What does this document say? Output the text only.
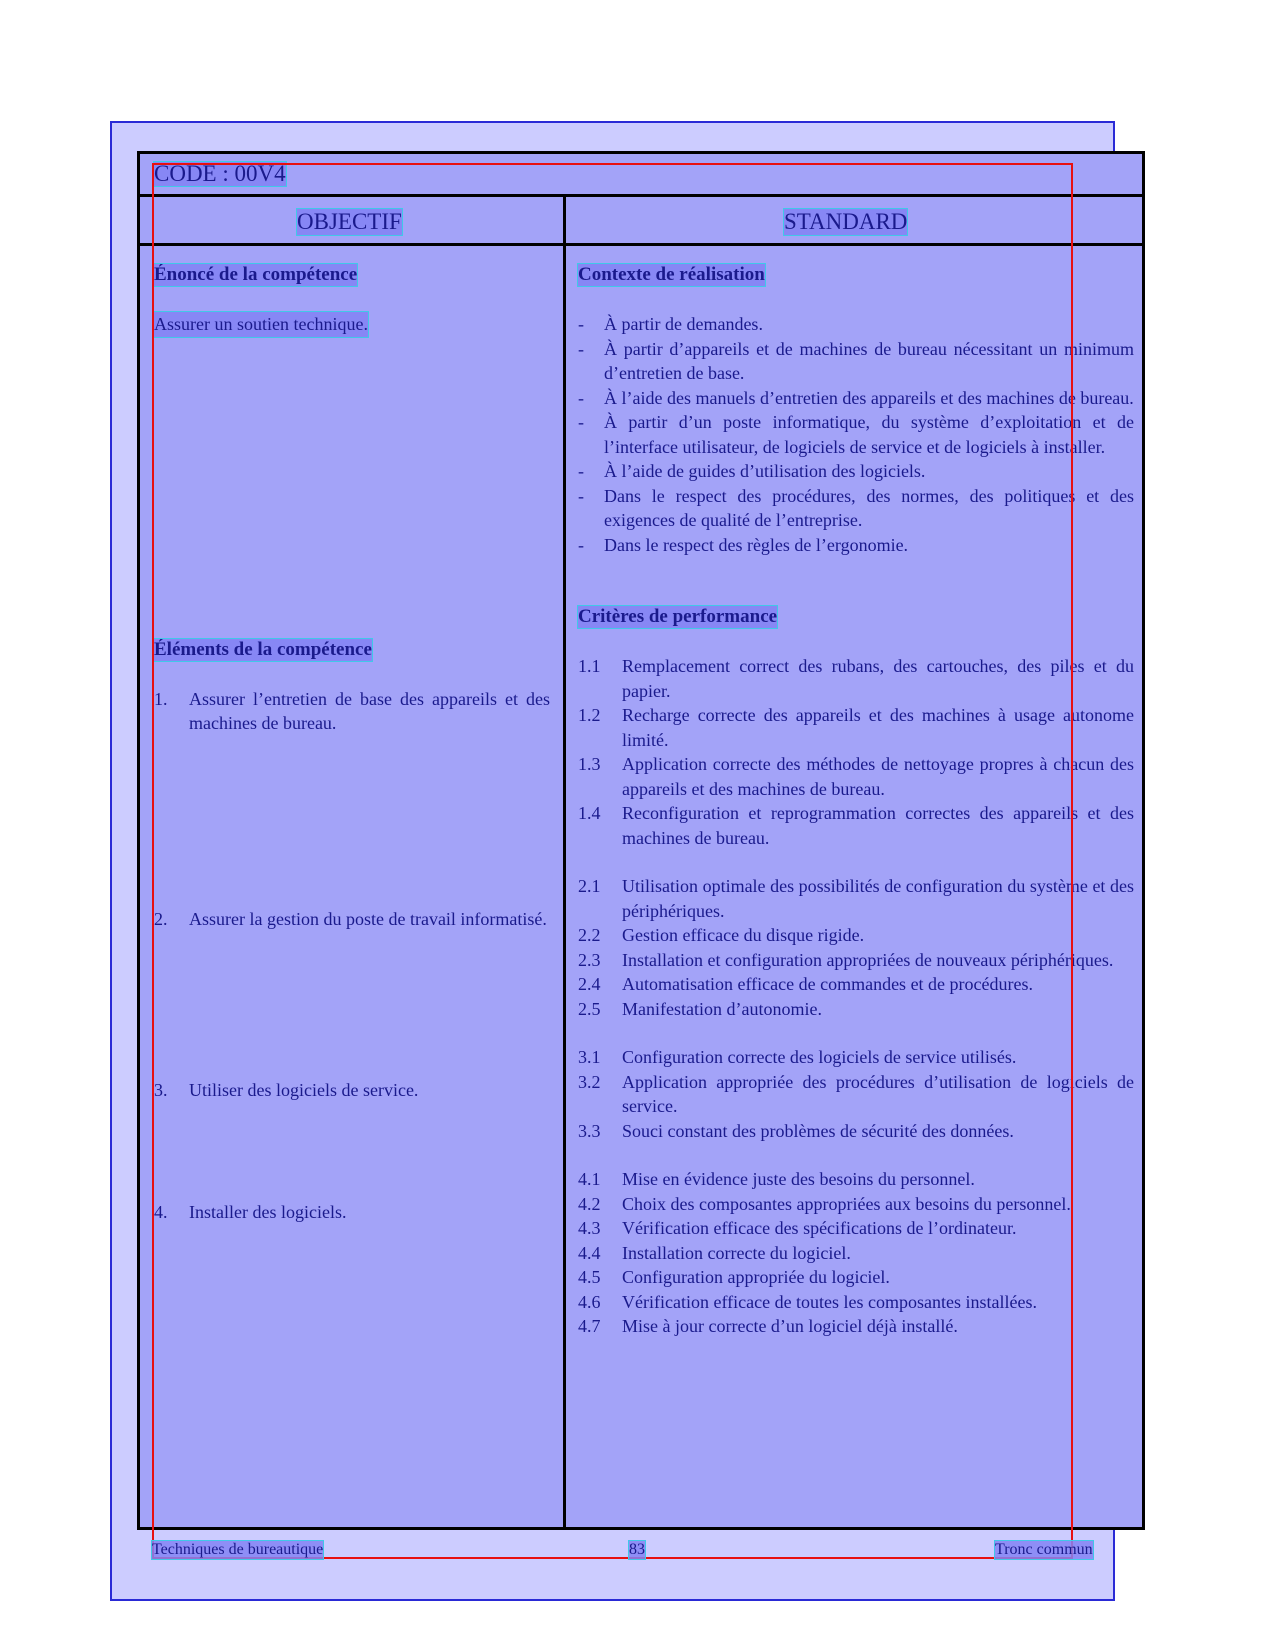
CODE : 00V4
OBJECTIF	STANDARD
Énoncé de la compétence
Assurer un soutien technique.
Éléments de la compétence
1.	Assurer l’entretien de base des appareils et des machines de bureau.
2.	Assurer la gestion du poste de travail informatisé.
3.	Utiliser des logiciels de service.
4.	Installer des logiciels.
Contexte de réalisation
-	À partir de demandes.
-	À partir d’appareils et de machines de bureau nécessitant un minimum d’entretien de base.
-	À l’aide des manuels d’entretien des appareils et des machines de bureau.
-	À partir d’un poste informatique, du système d’exploitation et de l’interface utilisateur, de logiciels de service et de logiciels à installer.
-	À l’aide de guides d’utilisation des logiciels.
-	Dans le respect des procédures, des normes, des politiques et des exigences de qualité de l’entreprise.
-	Dans le respect des règles de l’ergonomie.
Critères de performance
1.1	Remplacement correct des rubans, des cartouches, des piles et du papier.
1.2	Recharge correcte des appareils et des machines à usage autonome limité.
1.3	Application correcte des méthodes de nettoyage propres à chacun des appareils et des machines de bureau.
1.4	Reconfiguration et reprogrammation correctes des appareils et des machines de bureau.
2.1	Utilisation optimale des possibilités de configuration du système et des périphériques.
2.2	Gestion efficace du disque rigide.
2.3	Installation et configuration appropriées de nouveaux périphériques.
2.4	Automatisation efficace de commandes et de procédures.
2.5	Manifestation d’autonomie.
3.1	Configuration correcte des logiciels de service utilisés.
3.2	Application appropriée des procédures d’utilisation de logiciels de service.
3.3	Souci constant des problèmes de sécurité des données.
4.1	Mise en évidence juste des besoins du personnel.
4.2	Choix des composantes appropriées aux besoins du personnel.
4.3	Vérification efficace des spécifications de l’ordinateur.
4.4	Installation correcte du logiciel.
4.5	Configuration appropriée du logiciel.
4.6	Vérification efficace de toutes les composantes installées.
4.7	Mise à jour correcte d’un logiciel déjà installé.
Techniques de bureautique	83	Tronc commun
